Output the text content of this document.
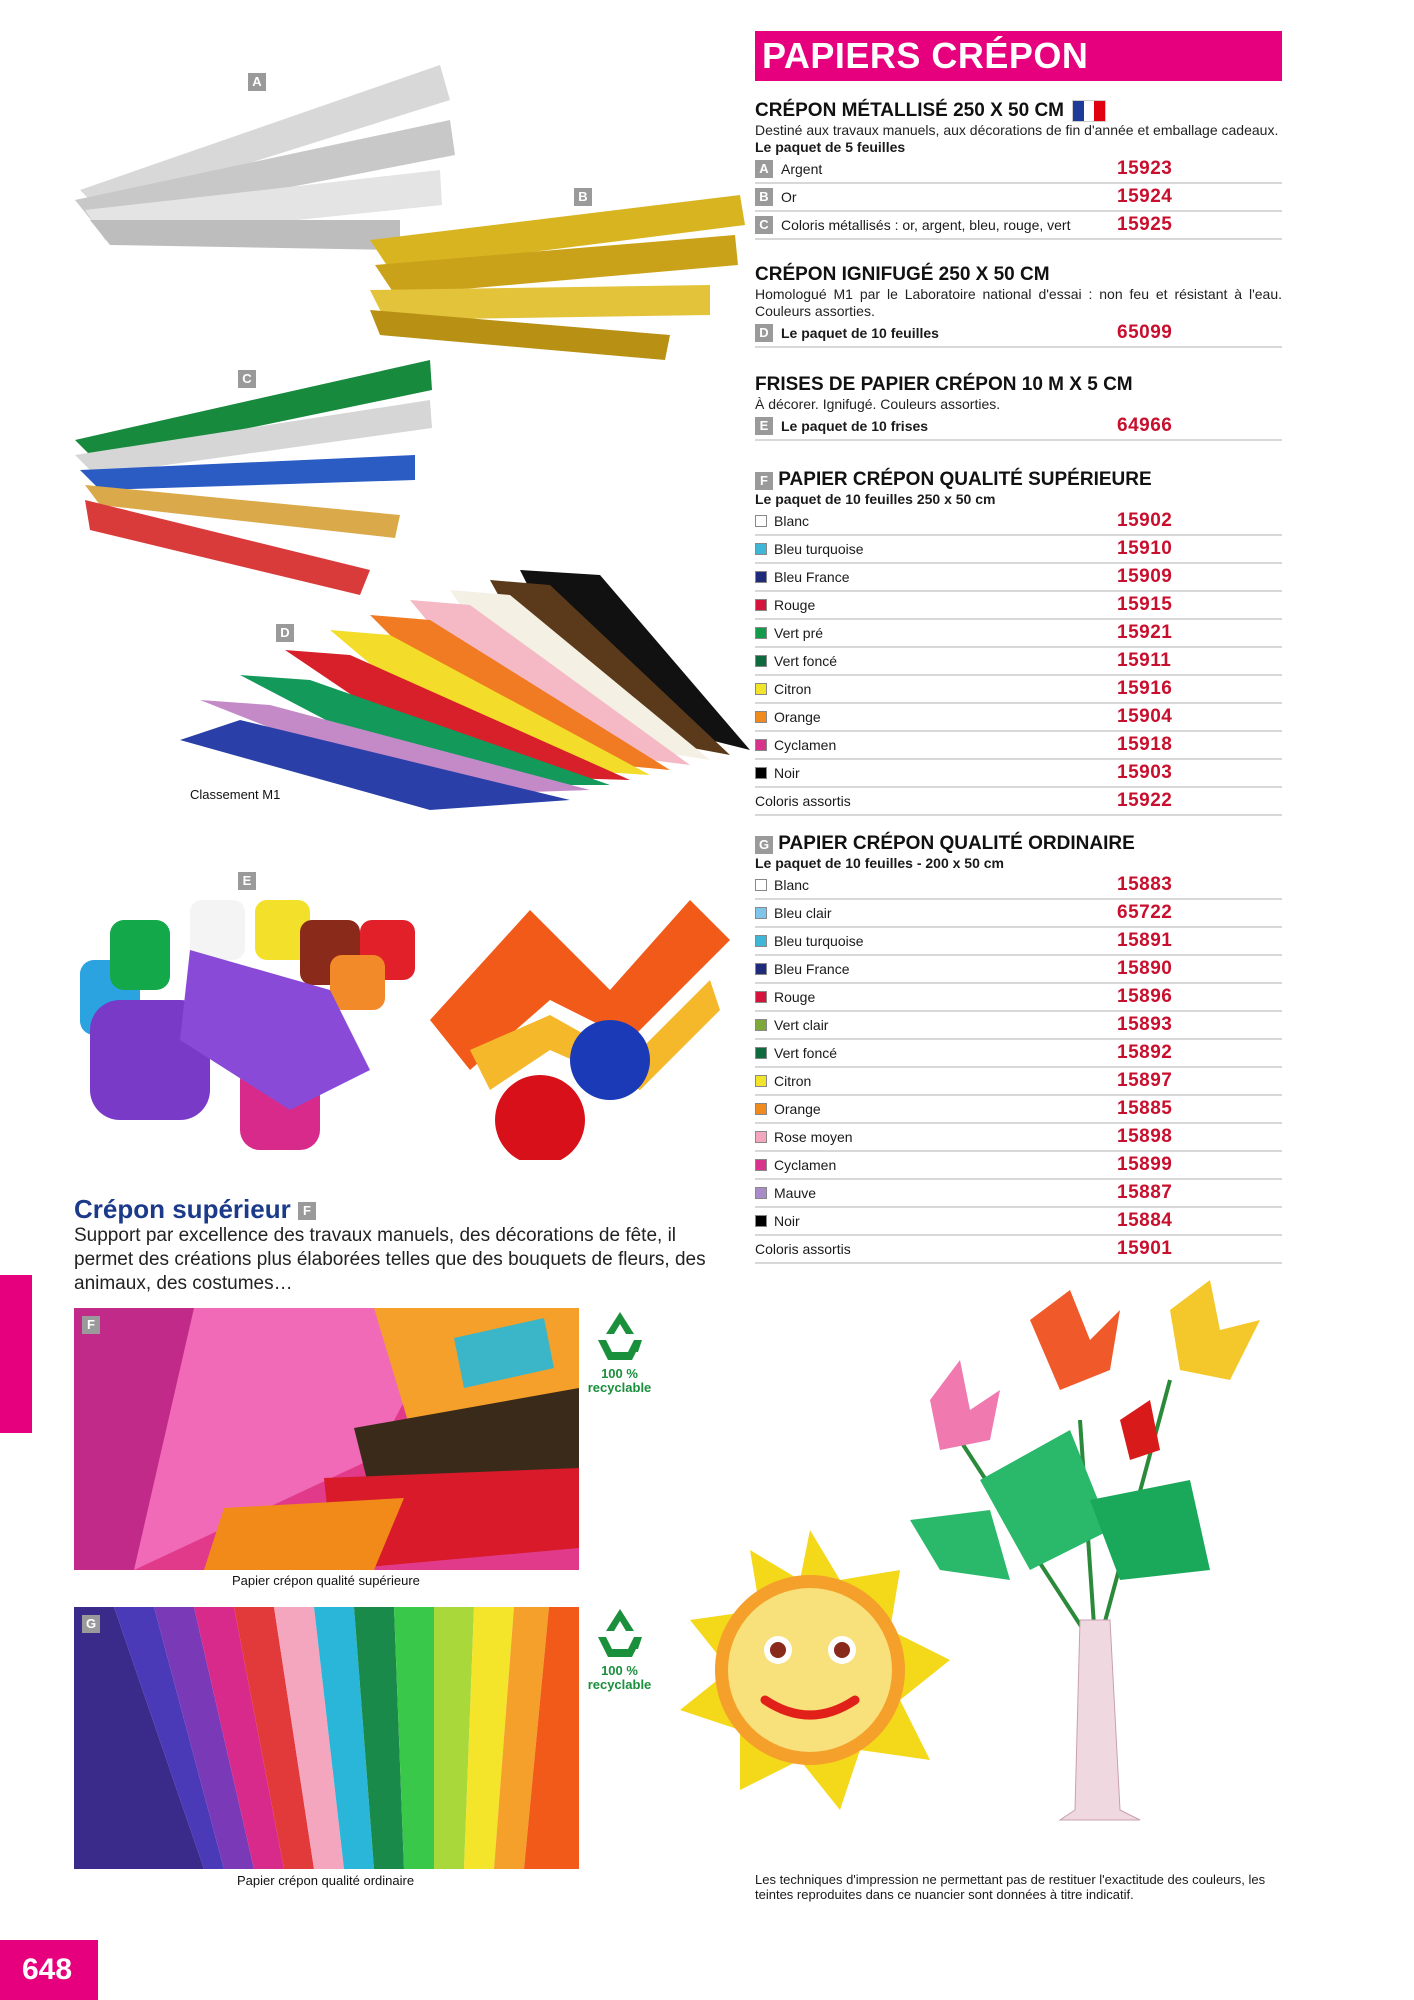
PAPIERS CRÉPON
CRÉPON MÉTALLISÉ 250 X 50 CM
Destiné aux travaux manuels, aux décorations de fin d'année et emballage cadeaux.
Le paquet de 5 feuilles
A Argent	15923
B Or	15924
C Coloris métallisés : or, argent, bleu, rouge, vert 15925
CRÉPON IGNIFUGÉ 250 X 50 CM
Homologué M1 par le Laboratoire national d'essai : non feu et résistant à l'eau. Couleurs assorties.
D Le paquet de 10 feuilles	65099
FRISES DE PAPIER CRÉPON 10 M X 5 CM
À décorer. Ignifugé. Couleurs assorties.
E Le paquet de 10 frises	64966
F PAPIER CRÉPON QUALITÉ SUPÉRIEURE
Le paquet de 10 feuilles 250 x 50 cm
Blanc	15902
Bleu turquoise	15910
Bleu France	15909
Rouge	15915
Vert pré	15921
Vert foncé	15911
Citron	15916
Orange	15904
Cyclamen	15918
Noir	15903
Coloris assortis	15922
G PAPIER CRÉPON QUALITÉ ORDINAIRE
Le paquet de 10 feuilles - 200 x 50 cm
Blanc	15883
Bleu clair	65722
Bleu turquoise	15891
Bleu France	15890
Rouge	15896
Vert clair	15893
Vert foncé	15892
Citron	15897
Orange	15885
Rose moyen	15898
Cyclamen	15899
Mauve	15887
Noir	15884
Coloris assortis	15901
A
B
C
D
E
Classement M1
Crépon supérieur F
Support par excellence des travaux manuels, des décorations de fête, il permet des créations plus élaborées telles que des bouquets de fleurs, des animaux, des costumes…
F
Papier crépon qualité supérieure
G
Papier crépon qualité ordinaire
100 %
recyclable
100 %
recyclable
Les techniques d'impression ne permettant pas de restituer l'exactitude des couleurs, les teintes reproduites dans ce nuancier sont données à titre indicatif.
648
